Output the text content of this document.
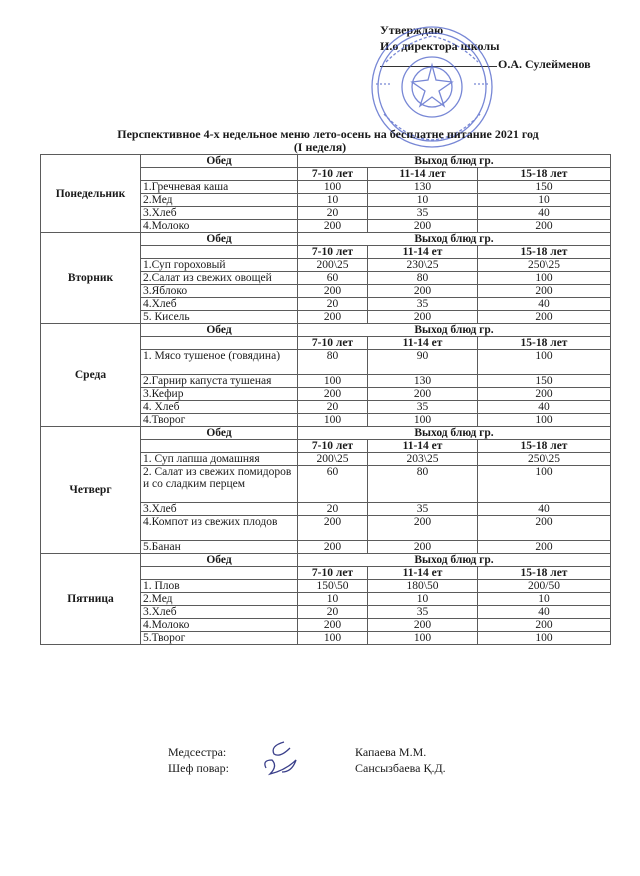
Утверждаю
И.о директора школы
О.А. Сулейменов
Перспективное 4-х недельное меню лето-осень на бесплатне питание 2021 год
(I неделя)
Понедельник	Обед	Выход блюд гр.		
		7-10 лет	11-14 лет	15-18 лет
	1.Гречневая каша	100	130	150
	2.Мед	10	10	10
	3.Хлеб	20	35	40
	4.Молоко	200	200	200
Вторник	Обед	Выход блюд гр.		
		7-10 лет	11-14 ет	15-18 лет
	1.Суп гороховый	200\25	230\25	250\25
	2.Салат из свежих овощей	60	80	100
	3.Яблоко	200	200	200
	4.Хлеб	20	35	40
	5. Кисель	200	200	200
Среда	Обед	Выход блюд гр.		
		7-10 лет	11-14 ет	15-18 лет
	1. Мясо тушеное (говядина)	80	90	100
	2.Гарнир капуста тушеная	100	130	150
	3.Кефир	200	200	200
	4. Хлеб	20	35	40
	4.Творог	100	100	100
Четверг	Обед	Выход блюд гр.		
		7-10 лет	11-14 ет	15-18 лет
	1. Суп лапша домашняя	200\25	203\25	250\25
	2. Салат из свежих помидоров и со сладким перцем	60	80	100
	3.Хлеб	20	35	40
	4.Компот из свежих плодов	200	200	200
	5.Банан	200	200	200
Пятница	Обед	Выход блюд гр.		
		7-10 лет	11-14 ет	15-18 лет
	1. Плов	150\50	180\50	200/50
	2.Мед	10	10	10
	3.Хлеб	20	35	40
	4.Молоко	200	200	200
	5.Творог	100	100	100
Медсестра:
Шеф повар:
Капаева М.М.
Сансызбаева Қ.Д.
